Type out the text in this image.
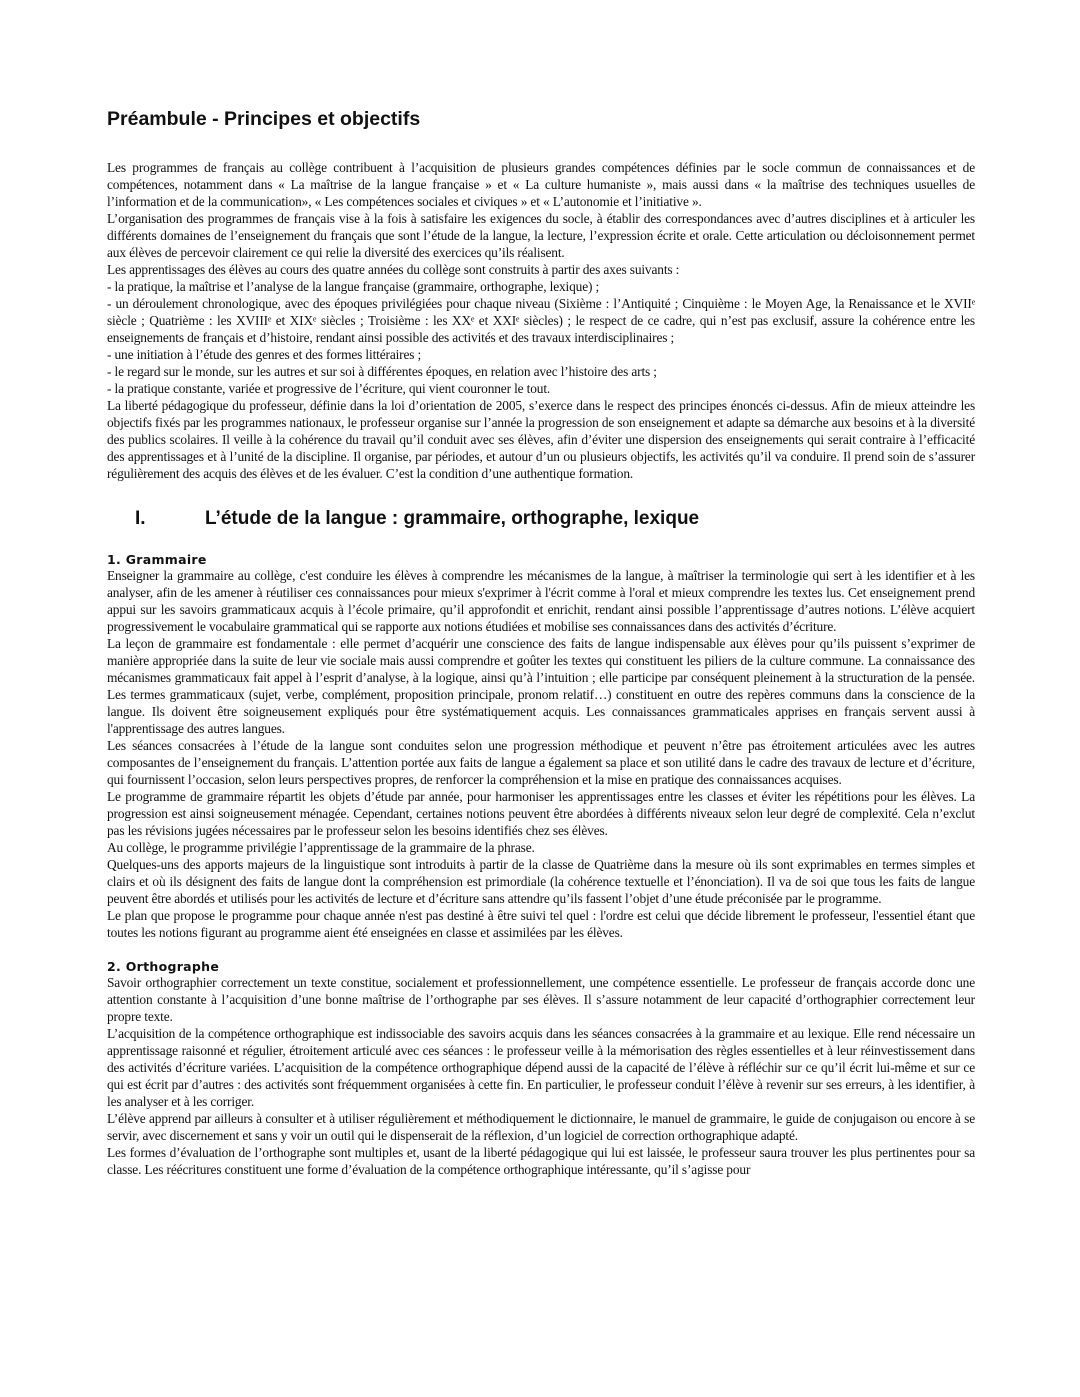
Préambule - Principes et objectifs

Les programmes de français au collège contribuent à l’acquisition de plusieurs grandes compétences définies par le socle commun de connaissances et de compétences, notamment dans « La maîtrise de la langue française » et « La culture humaniste », mais aussi dans « la maîtrise des techniques usuelles de l’information et de la communication», « Les compétences sociales et civiques » et « L’autonomie et l’initiative ».

L’organisation des programmes de français vise à la fois à satisfaire les exigences du socle, à établir des correspondances avec d’autres disciplines et à articuler les différents domaines de l’enseignement du français que sont l’étude de la langue, la lecture, l’expression écrite et orale. Cette articulation ou décloisonnement permet aux élèves de percevoir clairement ce qui relie la diversité des exercices qu’ils réalisent.

Les apprentissages des élèves au cours des quatre années du collège sont construits à partir des axes suivants :

- la pratique, la maîtrise et l’analyse de la langue française (grammaire, orthographe, lexique) ;

- un déroulement chronologique, avec des époques privilégiées pour chaque niveau (Sixième : l’Antiquité ; Cinquième : le Moyen Age, la Renaissance et le XVIIᵉ siècle ; Quatrième : les XVIIIᵉ et XIXᵉ siècles ; Troisième : les XXᵉ et XXIᵉ siècles) ; le respect de ce cadre, qui n’est pas exclusif, assure la cohérence entre les enseignements de français et d’histoire, rendant ainsi possible des activités et des travaux interdisciplinaires ;

- une initiation à l’étude des genres et des formes littéraires ;

- le regard sur le monde, sur les autres et sur soi à différentes époques, en relation avec l’histoire des arts ;

- la pratique constante, variée et progressive de l’écriture, qui vient couronner le tout.

La liberté pédagogique du professeur, définie dans la loi d’orientation de 2005, s’exerce dans le respect des principes énoncés ci-dessus. Afin de mieux atteindre les objectifs fixés par les programmes nationaux, le professeur organise sur l’année la progression de son enseignement et adapte sa démarche aux besoins et à la diversité des publics scolaires. Il veille à la cohérence du travail qu’il conduit avec ses élèves, afin d’éviter une dispersion des enseignements qui serait contraire à l’efficacité des apprentissages et à l’unité de la discipline. Il organise, par périodes, et autour d’un ou plusieurs objectifs, les activités qu’il va conduire. Il prend soin de s’assurer régulièrement des acquis des élèves et de les évaluer. C’est la condition d’une authentique formation.

I.	L’étude de la langue : grammaire, orthographe, lexique
1. Grammaire

Enseigner la grammaire au collège, c'est conduire les élèves à comprendre les mécanismes de la langue, à maîtriser la terminologie qui sert à les identifier et à les analyser, afin de les amener à réutiliser ces connaissances pour mieux s'exprimer à l'écrit comme à l'oral et mieux comprendre les textes lus. Cet enseignement prend appui sur les savoirs grammaticaux acquis à l’école primaire, qu’il approfondit et enrichit, rendant ainsi possible l’apprentissage d’autres notions. L’élève acquiert progressivement le vocabulaire grammatical qui se rapporte aux notions étudiées et mobilise ses connaissances dans des activités d’écriture.

La leçon de grammaire est fondamentale : elle permet d’acquérir une conscience des faits de langue indispensable aux élèves pour qu’ils puissent s’exprimer de manière appropriée dans la suite de leur vie sociale mais aussi comprendre et goûter les textes qui constituent les piliers de la culture commune. La connaissance des mécanismes grammaticaux fait appel à l’esprit d’analyse, à la logique, ainsi qu’à l’intuition ; elle participe par conséquent pleinement à la structuration de la pensée. Les termes grammaticaux (sujet, verbe, complément, proposition principale, pronom relatif…) constituent en outre des repères communs dans la conscience de la langue. Ils doivent être soigneusement expliqués pour être systématiquement acquis. Les connaissances grammaticales apprises en français servent aussi à l'apprentissage des autres langues.

Les séances consacrées à l’étude de la langue sont conduites selon une progression méthodique et peuvent n’être pas étroitement articulées avec les autres composantes de l’enseignement du français. L’attention portée aux faits de langue a également sa place et son utilité dans le cadre des travaux de lecture et d’écriture, qui fournissent l’occasion, selon leurs perspectives propres, de renforcer la compréhension et la mise en pratique des connaissances acquises.

Le programme de grammaire répartit les objets d’étude par année, pour harmoniser les apprentissages entre les classes et éviter les répétitions pour les élèves. La progression est ainsi soigneusement ménagée. Cependant, certaines notions peuvent être abordées à différents niveaux selon leur degré de complexité. Cela n’exclut pas les révisions jugées nécessaires par le professeur selon les besoins identifiés chez ses élèves.

Au collège, le programme privilégie l’apprentissage de la grammaire de la phrase.

Quelques-uns des apports majeurs de la linguistique sont introduits à partir de la classe de Quatrième dans la mesure où ils sont exprimables en termes simples et clairs et où ils désignent des faits de langue dont la compréhension est primordiale (la cohérence textuelle et l’énonciation). Il va de soi que tous les faits de langue peuvent être abordés et utilisés pour les activités de lecture et d’écriture sans attendre qu’ils fassent l’objet d’une étude préconisée par le programme.

Le plan que propose le programme pour chaque année n'est pas destiné à être suivi tel quel : l'ordre est celui que décide librement le professeur, l'essentiel étant que toutes les notions figurant au programme aient été enseignées en classe et assimilées par les élèves.

2. Orthographe

Savoir orthographier correctement un texte constitue, socialement et professionnellement, une compétence essentielle. Le professeur de français accorde donc une attention constante à l’acquisition d’une bonne maîtrise de l’orthographe par ses élèves. Il s’assure notamment de leur capacité d’orthographier correctement leur propre texte.

L’acquisition de la compétence orthographique est indissociable des savoirs acquis dans les séances consacrées à la grammaire et au lexique. Elle rend nécessaire un apprentissage raisonné et régulier, étroitement articulé avec ces séances : le professeur veille à la mémorisation des règles essentielles et à leur réinvestissement dans des activités d’écriture variées. L’acquisition de la compétence orthographique dépend aussi de la capacité de l’élève à réfléchir sur ce qu’il écrit lui-même et sur ce qui est écrit par d’autres : des activités sont fréquemment organisées à cette fin. En particulier, le professeur conduit l’élève à revenir sur ses erreurs, à les identifier, à les analyser et à les corriger.

L’élève apprend par ailleurs à consulter et à utiliser régulièrement et méthodiquement le dictionnaire, le manuel de grammaire, le guide de conjugaison ou encore à se servir, avec discernement et sans y voir un outil qui le dispenserait de la réflexion, d’un logiciel de correction orthographique adapté.

Les formes d’évaluation de l’orthographe sont multiples et, usant de la liberté pédagogique qui lui est laissée, le professeur saura trouver les plus pertinentes pour sa classe. Les réécritures constituent une forme d’évaluation de la compétence orthographique intéressante, qu’il s’agisse pour
